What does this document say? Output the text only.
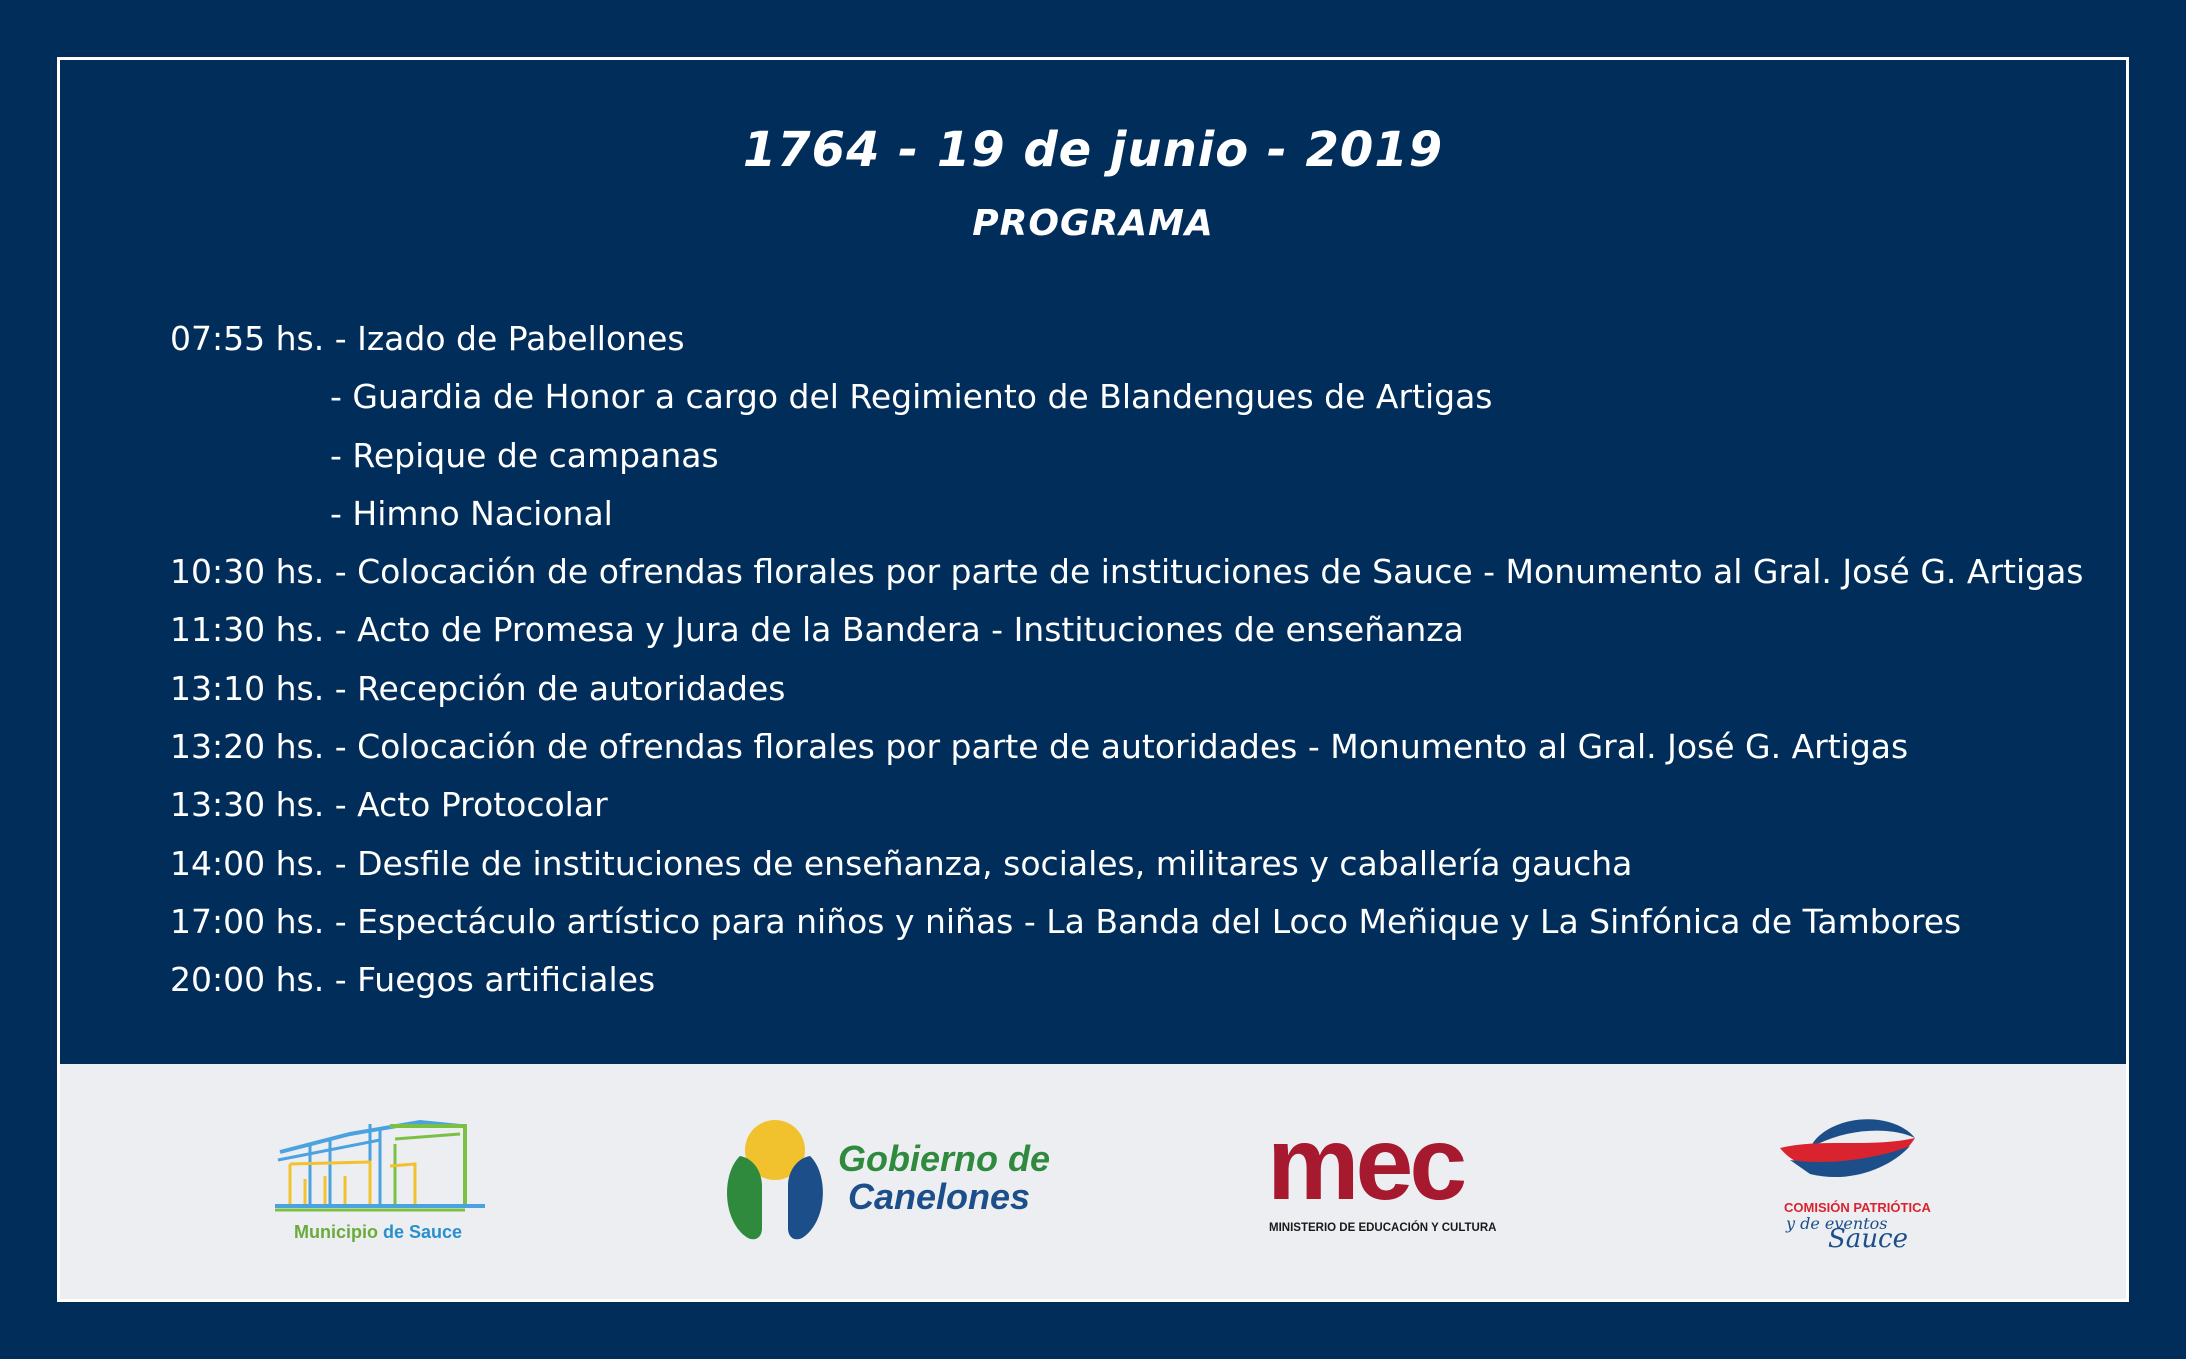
1764 - 19 de junio - 2019
PROGRAMA
07:55 hs. - Izado de Pabellones
- Guardia de Honor a cargo del Regimiento de Blandengues de Artigas
- Repique de campanas
- Himno Nacional
10:30 hs. - Colocación de ofrendas florales por parte de instituciones de Sauce - Monumento al Gral. José G. Artigas
11:30 hs. - Acto de Promesa y Jura de la Bandera - Instituciones de enseñanza
13:10 hs. - Recepción de autoridades
13:20 hs. - Colocación de ofrendas florales por parte de autoridades - Monumento al Gral. José G. Artigas
13:30 hs. - Acto Protocolar
14:00 hs. - Desfile de instituciones de enseñanza, sociales, militares y caballería gaucha
17:00 hs. - Espectáculo artístico para niños y niñas - La Banda del Loco Meñique y La Sinfónica de Tambores
20:00 hs. - Fuegos artificiales
Municipio de Sauce
Gobierno de
Canelones mec
MINISTERIO DE EDUCACIÓN Y CULTURA
COMISIÓN PATRIÓTICA
y de eventos
Sauce
